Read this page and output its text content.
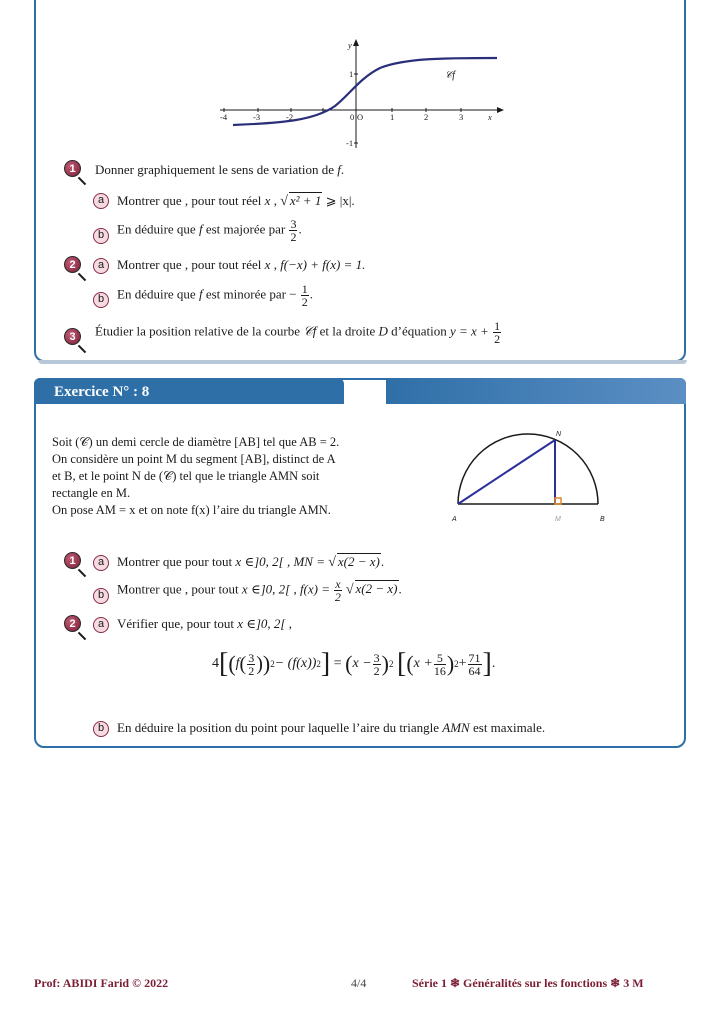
-4	-3	-2	0	1	2	3
1
-1
O	x
y
𝒞f
1	Donner graphiquement le sens de variation de f.
a Montrer que , pour tout réel x , √ x² + 1 ⩾ |x|.
b En déduire que f est majorée par $\frac{3}{2}$ .
2	a Montrer que , pour tout réel x , f(−x) + f(x) = 1.
b En déduire que f est minorée par − $\frac{1}{2}$ .
3	Étudier la position relative de la courbe 𝒞f et la droite D d’équation $y = x + \frac{1}{2}$
Exercice N° : 8

Soit (𝒞) un demi cercle de diamètre [AB] tel que AB = 2.

On considère un point M du segment [AB], distinct de A

et B, et le point N de (𝒞) tel que le triangle AMN soit

rectangle en M.

On pose AM = x et on note f(x) l’aire du triangle AMN.

A	M	B
N
1	a Montrer que pour tout x ∈]0, 2[ , MN = √ x(2 − x).
b Montrer que , pour tout x ∈]0, 2[ , $f(x) = \frac{x}{2}$ √ x(2 − x).
2	a Vérifier que, pour tout x ∈]0, 2[ ,
4 [ ( f ( $\frac{3}{2}$ ) ) 2 − (f(x)) 2 ] = ( $x - \frac{3}{2}$ ) 2
[ ( $x + \frac{5}{16}$ ) $2 + \frac{71}{64}$ ] .
b En déduire la position du point pour laquelle l’aire du triangle AMN est maximale.
Prof: ABIDI Farid © 2022	4/4	Série 1 ❄ Généralités sur les fonctions ❄ 3 M
